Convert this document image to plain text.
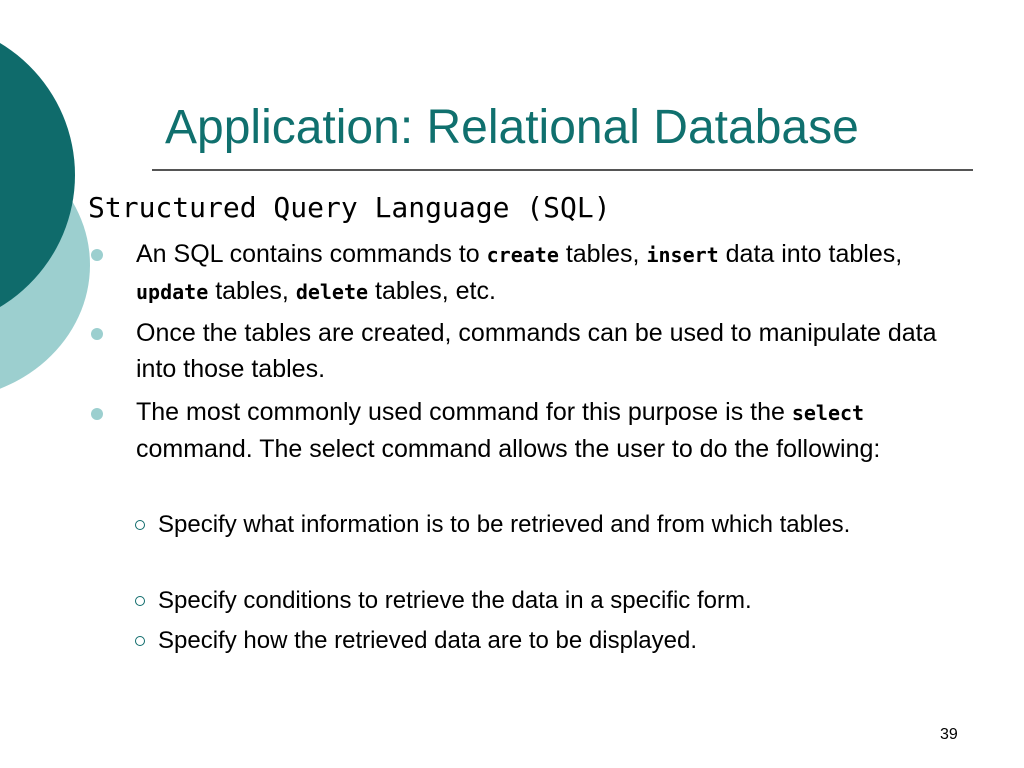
Application: Relational Database

Structured Query Language (SQL)

An SQL contains commands to create tables, insert data into tables, update tables, delete tables, etc.

Once the tables are created, commands can be used to manipulate data into those tables.

The most commonly used command for this purpose is the select command. The select command allows the user to do the following:

Specify what information is to be retrieved and from which tables.

Specify conditions to retrieve the data in a specific form.

Specify how the retrieved data are to be displayed.

39
